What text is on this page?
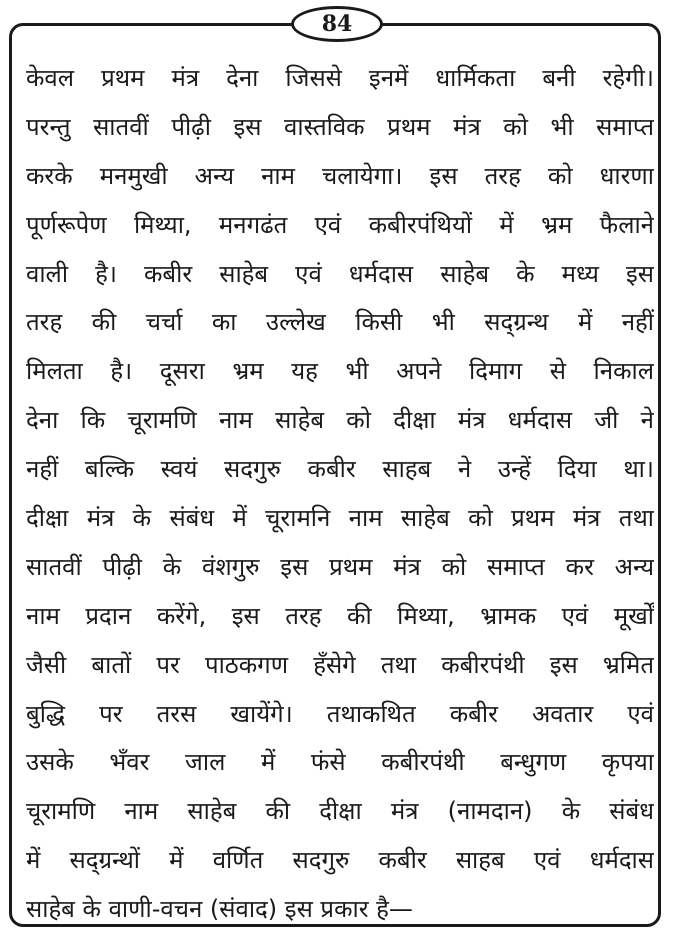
84
केवल प्रथम मंत्र देना जिससे इनमें धार्मिकता बनी रहेगी।
परन्तु सातवीं पीढ़ी इस वास्तविक प्रथम मंत्र को भी समाप्त
करके मनमुखी अन्य नाम चलायेगा। इस तरह को धारणा
पूर्णरूपेण मिथ्या, मनगढंत एवं कबीरपंथियों में भ्रम फैलाने
वाली है। कबीर साहेब एवं धर्मदास साहेब के मध्य इस
तरह की चर्चा का उल्लेख किसी भी सद्ग्रन्थ में नहीं
मिलता है। दूसरा भ्रम यह भी अपने दिमाग से निकाल
देना कि चूरामणि नाम साहेब को दीक्षा मंत्र धर्मदास जी ने
नहीं बल्कि स्वयं सदगुरु कबीर साहब ने उन्हें दिया था।
दीक्षा मंत्र के संबंध में चूरामनि नाम साहेब को प्रथम मंत्र तथा
सातवीं पीढ़ी के वंशगुरु इस प्रथम मंत्र को समाप्त कर अन्य
नाम प्रदान करेंगे, इस तरह की मिथ्या, भ्रामक एवं मूर्खों
जैसी बातों पर पाठकगण हँसेगे तथा कबीरपंथी इस भ्रमित
बुद्धि पर तरस खायेंगे। तथाकथित कबीर अवतार एवं
उसके भँवर जाल में फंसे कबीरपंथी बन्धुगण कृपया
चूरामणि नाम साहेब की दीक्षा मंत्र (नामदान) के संबंध
में सद्ग्रन्थों में वर्णित सदगुरु कबीर साहब एवं धर्मदास
साहेब के वाणी-वचन (संवाद) इस प्रकार है—
